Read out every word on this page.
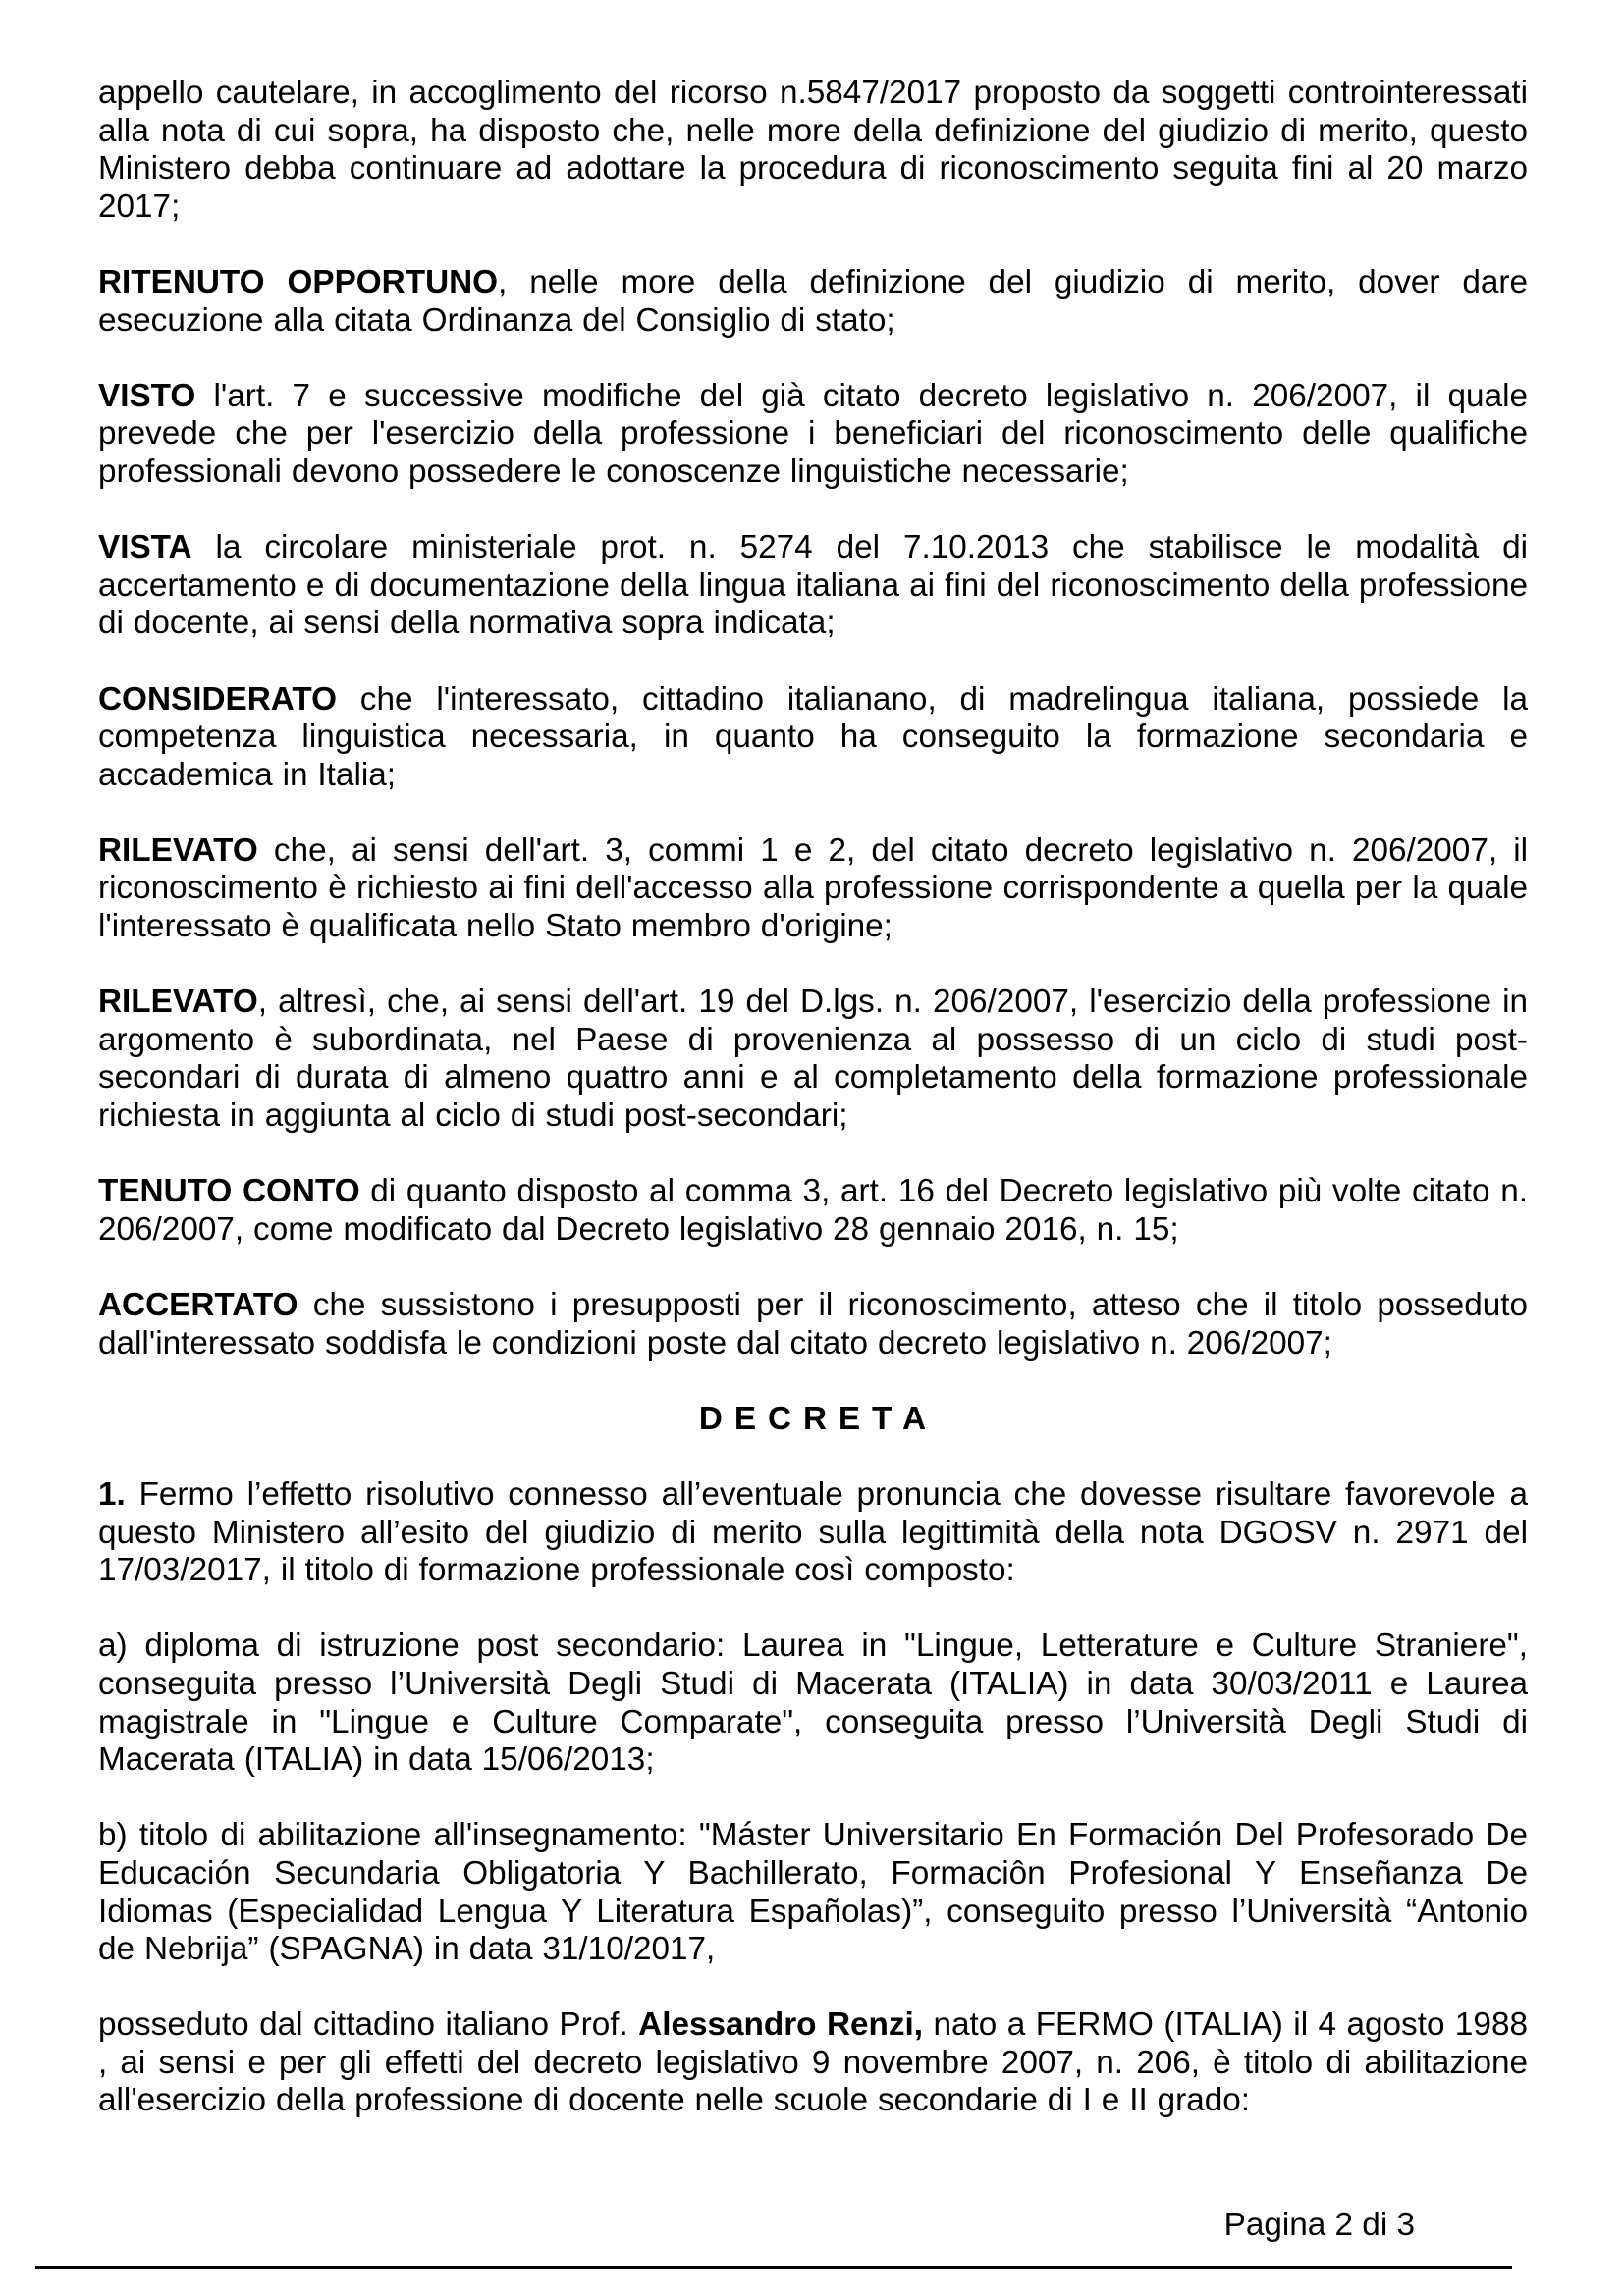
appello cautelare, in accoglimento del ricorso n.5847/2017 proposto da soggetti controinteressati alla nota di cui sopra, ha disposto che, nelle more della definizione del giudizio di merito, questo Ministero debba continuare ad adottare la procedura di riconoscimento seguita fini al 20 marzo 2017;

RITENUTO OPPORTUNO, nelle more della definizione del giudizio di merito, dover dare esecuzione alla citata Ordinanza del Consiglio di stato;

VISTO l'art. 7 e successive modifiche del già citato decreto legislativo n. 206/2007, il quale prevede che per l'esercizio della professione i beneficiari del riconoscimento delle qualifiche professionali devono possedere le conoscenze linguistiche necessarie;

VISTA la circolare ministeriale prot. n. 5274 del 7.10.2013 che stabilisce le modalità di accertamento e di documentazione della lingua italiana ai fini del riconoscimento della professione di docente, ai sensi della normativa sopra indicata;

CONSIDERATO che l'interessato, cittadino italianano, di madrelingua italiana, possiede la competenza linguistica necessaria, in quanto ha conseguito la formazione secondaria e accademica in Italia;

RILEVATO che, ai sensi dell'art. 3, commi 1 e 2, del citato decreto legislativo n. 206/2007, il riconoscimento è richiesto ai fini dell'accesso alla professione corrispondente a quella per la quale l'interessato è qualificata nello Stato membro d'origine;

RILEVATO, altresì, che, ai sensi dell'art. 19 del D.lgs. n. 206/2007, l'esercizio della professione in argomento è subordinata, nel Paese di provenienza al possesso di un ciclo di studi post-secondari di durata di almeno quattro anni e al completamento della formazione professionale richiesta in aggiunta al ciclo di studi post-secondari;

TENUTO CONTO di quanto disposto al comma 3, art. 16 del Decreto legislativo più volte citato n. 206/2007, come modificato dal Decreto legislativo 28 gennaio 2016, n. 15;

ACCERTATO che sussistono i presupposti per il riconoscimento, atteso che il titolo posseduto dall'interessato soddisfa le condizioni poste dal citato decreto legislativo n. 206/2007;

D E C R E T A

1. Fermo l’effetto risolutivo connesso all’eventuale pronuncia che dovesse risultare favorevole a questo Ministero all’esito del giudizio di merito sulla legittimità della nota DGOSV n. 2971 del 17/03/2017, il titolo di formazione professionale così composto:

a) diploma di istruzione post secondario: Laurea in "Lingue, Letterature e Culture Straniere", conseguita presso l’Università Degli Studi di Macerata (ITALIA) in data 30/03/2011 e Laurea magistrale in "Lingue e Culture Comparate", conseguita presso l’Università Degli Studi di Macerata (ITALIA) in data 15/06/2013;

b) titolo di abilitazione all'insegnamento: "Máster Universitario En Formación Del Profesorado De Educación Secundaria Obligatoria Y Bachillerato, Formaciôn Profesional Y Enseñanza De Idiomas (Especialidad Lengua Y Literatura Españolas)”, conseguito presso l’Università “Antonio de Nebrija” (SPAGNA) in data 31/10/2017,

posseduto dal cittadino italiano Prof. Alessandro Renzi, nato a FERMO (ITALIA) il 4 agosto 1988 , ai sensi e per gli effetti del decreto legislativo 9 novembre 2007, n. 206, è titolo di abilitazione all'esercizio della professione di docente nelle scuole secondarie di I e II grado:

Pagina 2 di 3
